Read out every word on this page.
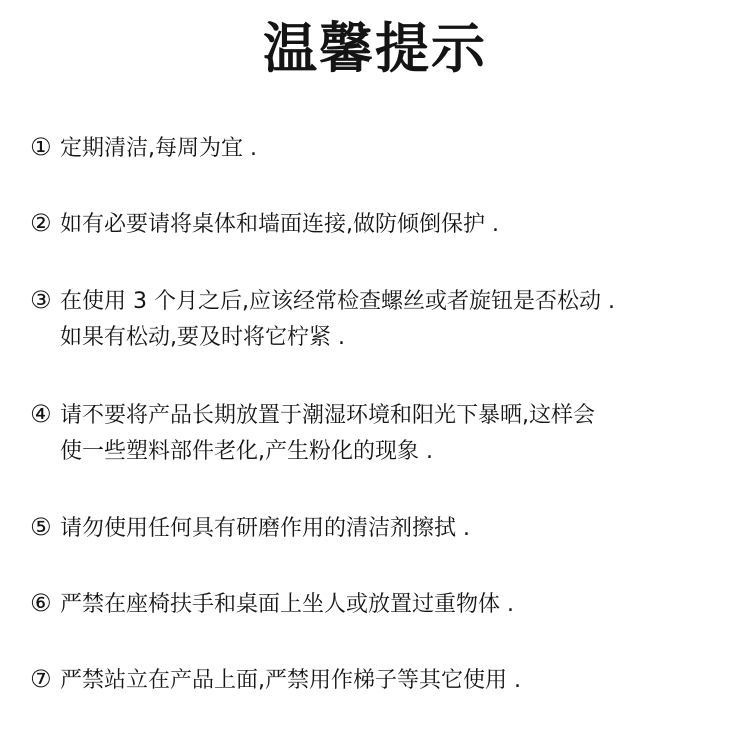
温馨提示
① 定期清洁,每周为宜 .
② 如有必要请将桌体和墙面连接,做防倾倒保护 .
③ 在使用 3 个月之后,应该经常检查螺丝或者旋钮是否松动 .
如果有松动,要及时将它柠紧 .
④ 请不要将产品长期放置于潮湿环境和阳光下暴晒,这样会
使一些塑料部件老化,产生粉化的现象 .
⑤ 请勿使用任何具有研磨作用的清洁剂擦拭 .
⑥ 严禁在座椅扶手和桌面上坐人或放置过重物体 .
⑦ 严禁站立在产品上面,严禁用作梯子等其它使用 .
